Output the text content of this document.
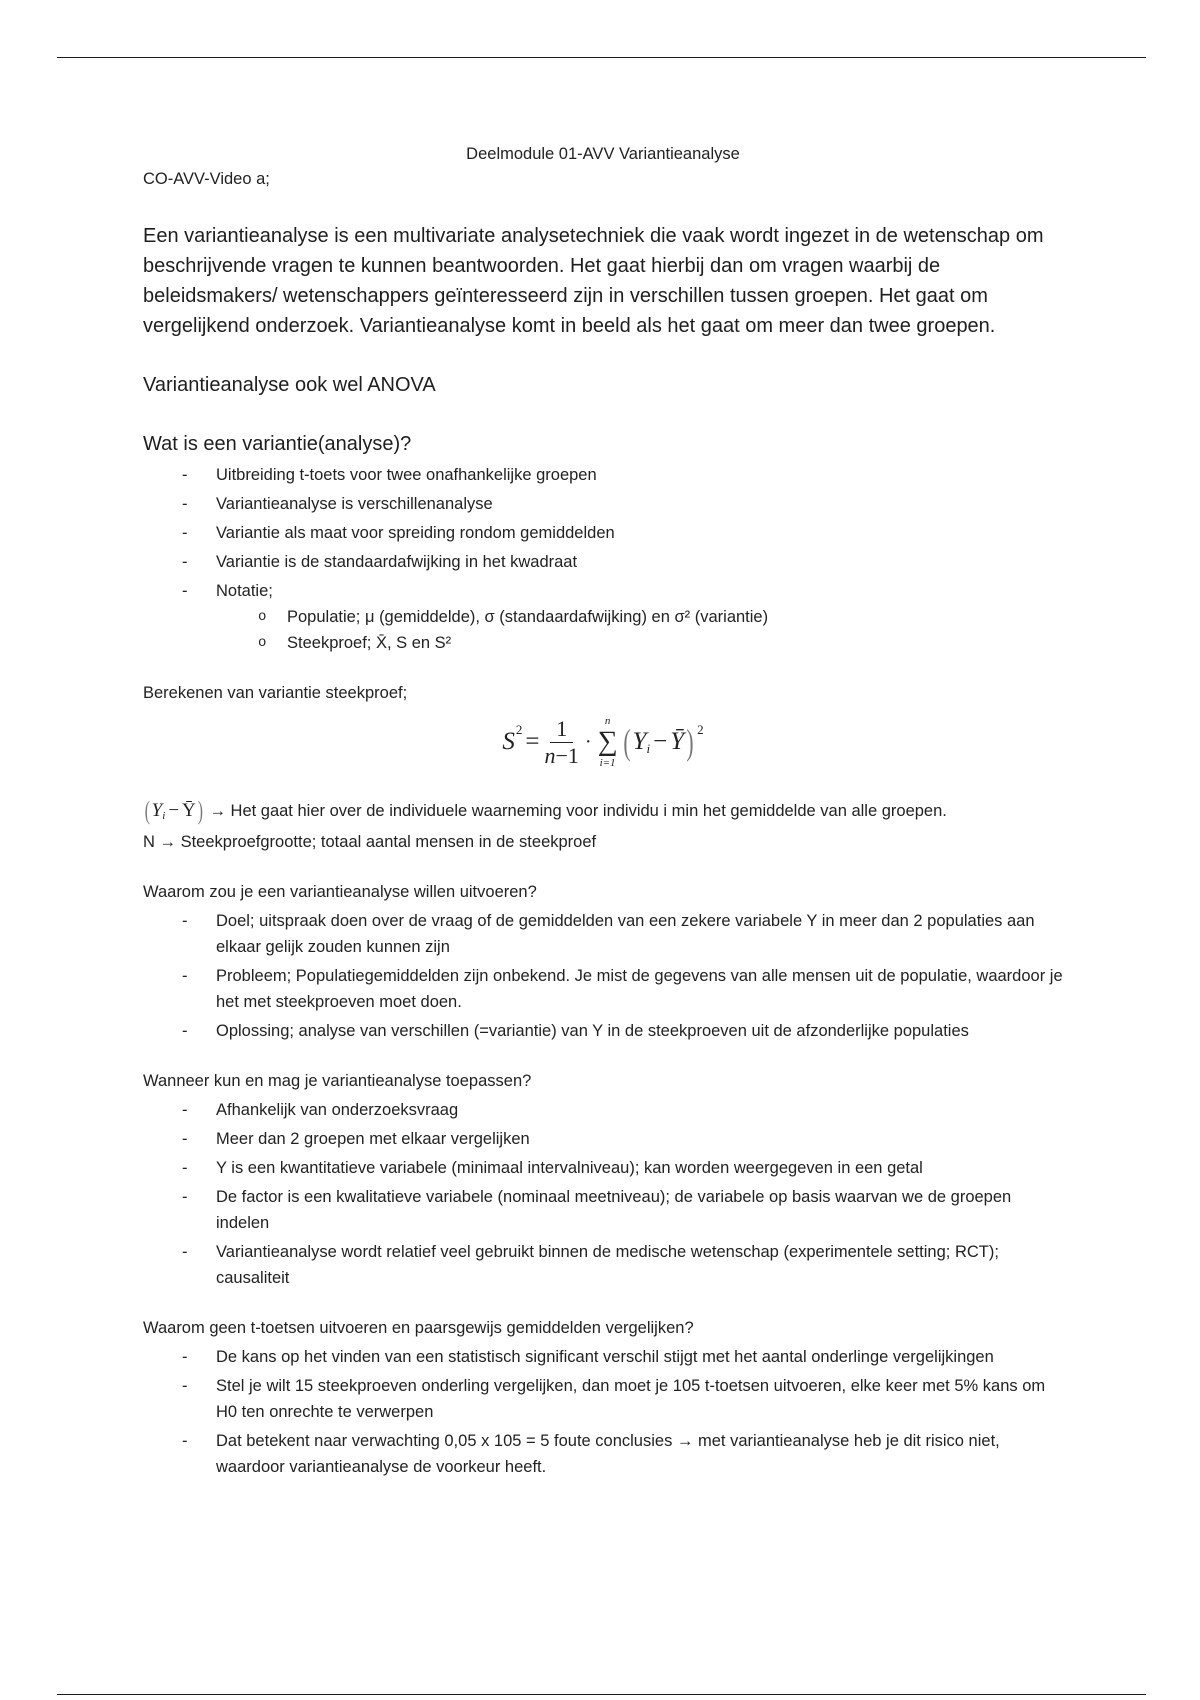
Deelmodule 01-AVV Variantieanalyse
CO-AVV-Video a;

Een variantieanalyse is een multivariate analysetechniek die vaak wordt ingezet in de wetenschap om beschrijvende vragen te kunnen beantwoorden. Het gaat hierbij dan om vragen waarbij de beleidsmakers/ wetenschappers geïnteresseerd zijn in verschillen tussen groepen. Het gaat om vergelijkend onderzoek. Variantieanalyse komt in beeld als het gaat om meer dan twee groepen.

Variantieanalyse ook wel ANOVA
Wat is een variantie(analyse)?
- Uitbreiding t-toets voor twee onafhankelijke groepen
- Variantieanalyse is verschillenanalyse
- Variantie als maat voor spreiding rondom gemiddelden
- Variantie is de standaardafwijking in het kwadraat
- Notatie;
o Populatie; μ (gemiddelde), σ (standaardafwijking) en σ² (variantie)
o Steekproef; X̄, S en S²
Berekenen van variantie steekproef;
S $2 = \frac{1}{n-1}$ ·
n
∑
i=1
( Y i − Ȳ ) 2
( Y i − Ȳ ) → Het gaat hier over de individuele waarneming voor individu i min het gemiddelde van alle groepen.
N → Steekproefgrootte; totaal aantal mensen in de steekproef
Waarom zou je een variantieanalyse willen uitvoeren?
- Doel; uitspraak doen over de vraag of de gemiddelden van een zekere variabele Y in meer dan 2 populaties aan elkaar gelijk zouden kunnen zijn
- Probleem; Populatiegemiddelden zijn onbekend. Je mist de gegevens van alle mensen uit de populatie, waardoor je het met steekproeven moet doen.
- Oplossing; analyse van verschillen (=variantie) van Y in de steekproeven uit de afzonderlijke populaties
Wanneer kun en mag je variantieanalyse toepassen?
- Afhankelijk van onderzoeksvraag
- Meer dan 2 groepen met elkaar vergelijken
- Y is een kwantitatieve variabele (minimaal intervalniveau); kan worden weergegeven in een getal
- De factor is een kwalitatieve variabele (nominaal meetniveau); de variabele op basis waarvan we de groepen indelen
- Variantieanalyse wordt relatief veel gebruikt binnen de medische wetenschap (experimentele setting; RCT); causaliteit
Waarom geen t-toetsen uitvoeren en paarsgewijs gemiddelden vergelijken?
- De kans op het vinden van een statistisch significant verschil stijgt met het aantal onderlinge vergelijkingen
- Stel je wilt 15 steekproeven onderling vergelijken, dan moet je 105 t-toetsen uitvoeren, elke keer met 5% kans om H0 ten onrechte te verwerpen
- Dat betekent naar verwachting 0,05 x 105 = 5 foute conclusies → met variantieanalyse heb je dit risico niet, waardoor variantieanalyse de voorkeur heeft.
